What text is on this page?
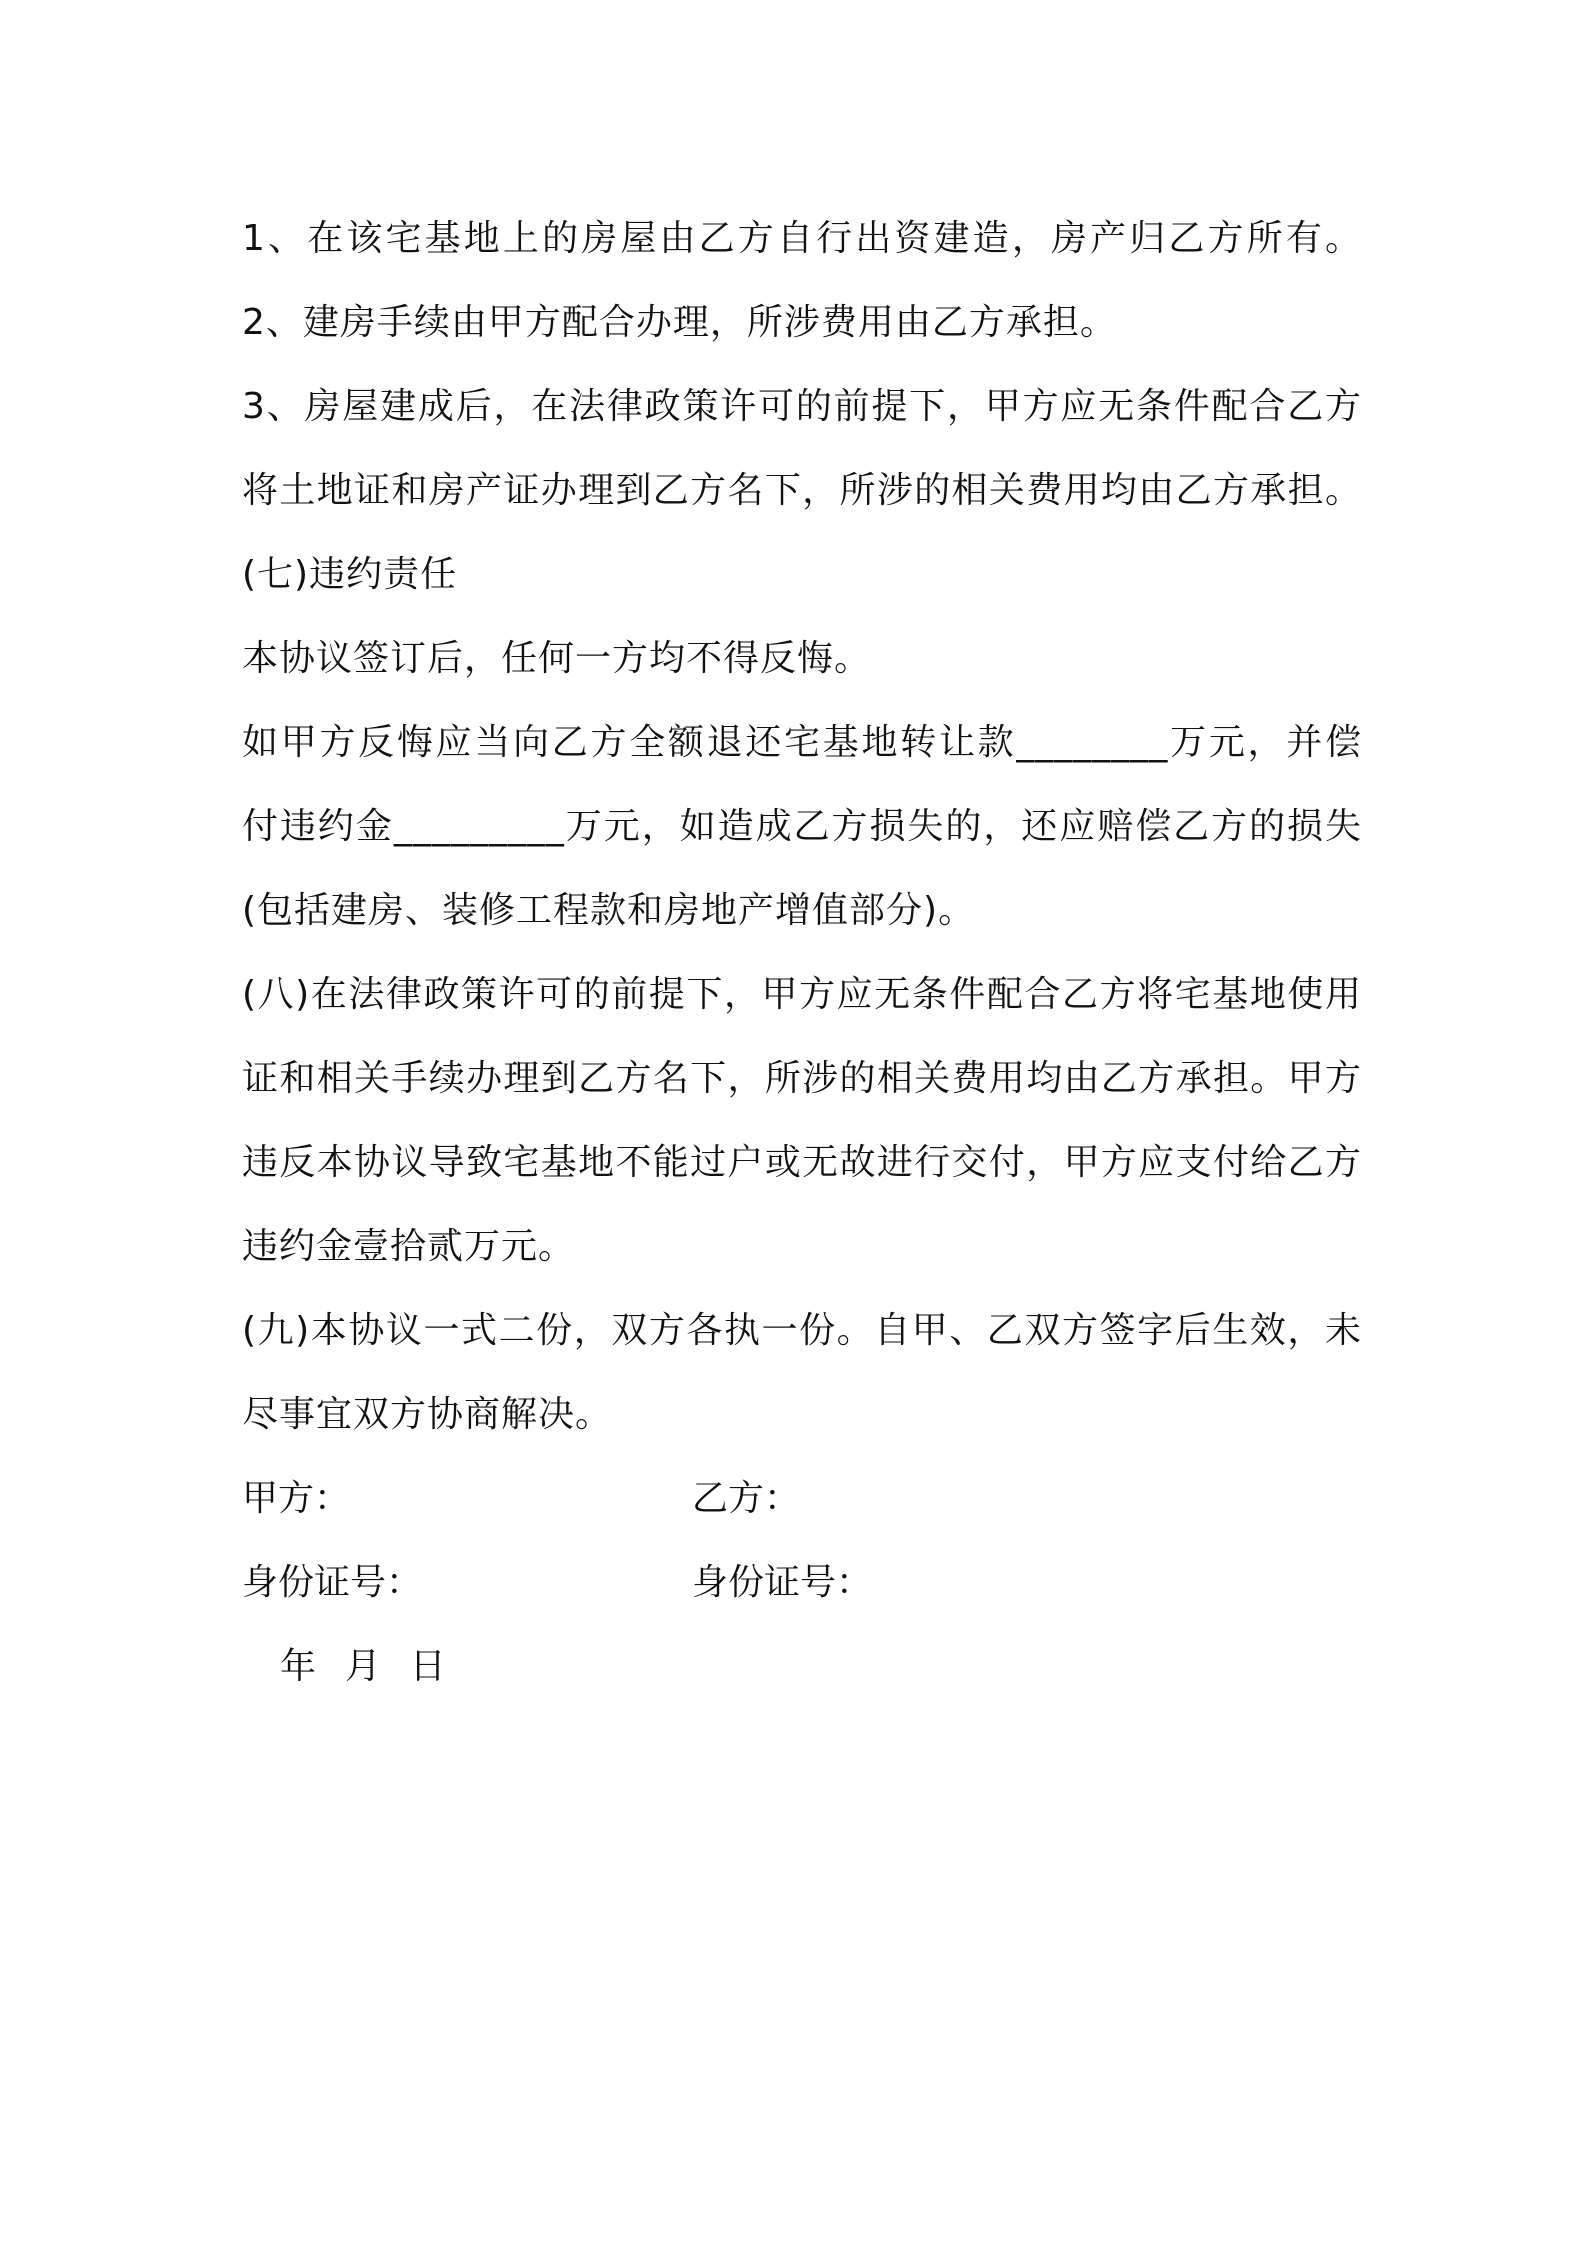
1、在该宅基地上的房屋由乙方自行出资建造，房产归乙方所有。
2、建房手续由甲方配合办理，所涉费用由乙方承担。
3、房屋建成后，在法律政策许可的前提下，甲方应无条件配合乙方
将土地证和房产证办理到乙方名下，所涉的相关费用均由乙方承担。
(七)违约责任
本协议签订后，任何一方均不得反悔。
如甲方反悔应当向乙方全额退还宅基地转让款________万元，并偿
付违约金_________万元，如造成乙方损失的，还应赔偿乙方的损失
(包括建房、装修工程款和房地产增值部分)。
(八)在法律政策许可的前提下，甲方应无条件配合乙方将宅基地使用
证和相关手续办理到乙方名下，所涉的相关费用均由乙方承担。甲方
违反本协议导致宅基地不能过户或无故进行交付，甲方应支付给乙方
违约金壹拾贰万元。
(九)本协议一式二份，双方各执一份。自甲、乙双方签字后生效，未
尽事宜双方协商解决。
甲方：	乙方：
身份证号：	身份证号：
年  月  日
